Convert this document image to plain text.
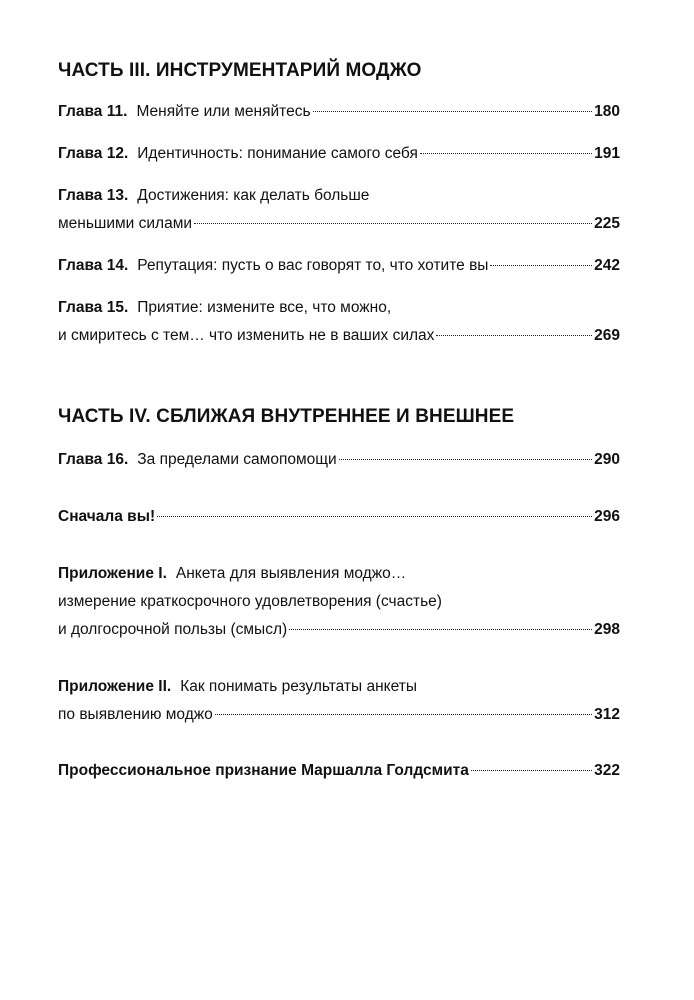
ЧАСТЬ III. ИНСТРУМЕНТАРИЙ МОДЖО
Глава 11. Меняйте или меняйтесь	180
Глава 12. Идентичность: понимание самого себя	191
Глава 13. Достижения: как делать больше
меньшими силами	225
Глава 14. Репутация: пусть о вас говорят то, что хотите вы	242
Глава 15. Приятие: измените все, что можно,
и смиритесь с тем… что изменить не в ваших силах	269
ЧАСТЬ IV. СБЛИЖАЯ ВНУТРЕННЕЕ И ВНЕШНЕЕ
Глава 16. За пределами самопомощи	290
Сначала вы!	296
Приложение I. Анкета для выявления моджо…
измерение краткосрочного удовлетворения (счастье)
и долгосрочной пользы (смысл)	298
Приложение II. Как понимать результаты анкеты
по выявлению моджо	312
Профессиональное признание Маршалла Голдсмита	322
